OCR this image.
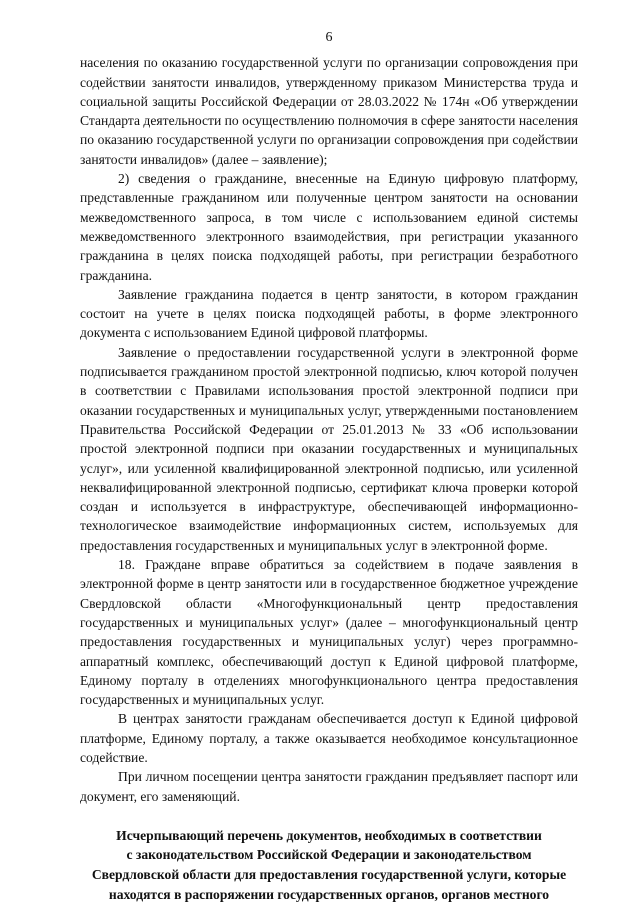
6

населения по оказанию государственной услуги по организации сопровождения при содействии занятости инвалидов, утвержденному приказом Министерства труда и социальной защиты Российской Федерации от 28.03.2022 № 174н «Об утверждении Стандарта деятельности по осуществлению полномочия в сфере занятости населения по оказанию государственной услуги по организации сопровождения при содействии занятости инвалидов» (далее – заявление);

2) сведения о гражданине, внесенные на Единую цифровую платформу, представленные гражданином или полученные центром занятости на основании межведомственного запроса, в том числе с использованием единой системы межведомственного электронного взаимодействия, при регистрации указанного гражданина в целях поиска подходящей работы, при регистрации безработного гражданина.

Заявление гражданина подается в центр занятости, в котором гражданин состоит на учете в целях поиска подходящей работы, в форме электронного документа с использованием Единой цифровой платформы.

Заявление о предоставлении государственной услуги в электронной форме подписывается гражданином простой электронной подписью, ключ которой получен в соответствии с Правилами использования простой электронной подписи при оказании государственных и муниципальных услуг, утвержденными постановлением Правительства Российской Федерации от 25.01.2013 № 33 «Об использовании простой электронной подписи при оказании государственных и муниципальных услуг», или усиленной квалифицированной электронной подписью, или усиленной неквалифицированной электронной подписью, сертификат ключа проверки которой создан и используется в инфраструктуре, обеспечивающей информационно-технологическое взаимодействие информационных систем, используемых для предоставления государственных и муниципальных услуг в электронной форме.

18. Граждане вправе обратиться за содействием в подаче заявления в электронной форме в центр занятости или в государственное бюджетное учреждение Свердловской области «Многофункциональный центр предоставления государственных и муниципальных услуг» (далее – многофункциональный центр предоставления государственных и муниципальных услуг) через программно-аппаратный комплекс, обеспечивающий доступ к Единой цифровой платформе, Единому порталу в отделениях многофункционального центра предоставления государственных и муниципальных услуг.

В центрах занятости гражданам обеспечивается доступ к Единой цифровой платформе, Единому порталу, а также оказывается необходимое консультационное содействие.

При личном посещении центра занятости гражданин предъявляет паспорт или документ, его заменяющий.

Исчерпывающий перечень документов, необходимых в соответствии
с законодательством Российской Федерации и законодательством
Свердловской области для предоставления государственной услуги, которые
находятся в распоряжении государственных органов, органов местного
